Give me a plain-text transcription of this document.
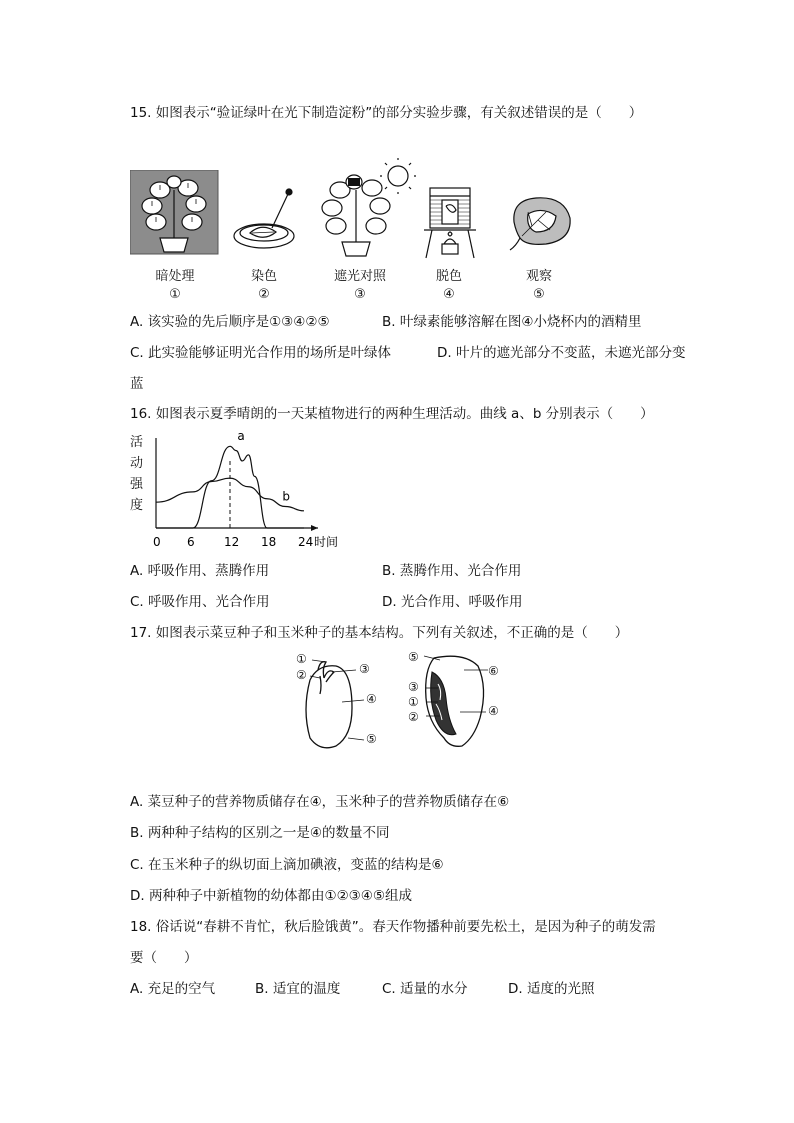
15. 如图表示“验证绿叶在光下制造淀粉”的部分实验步骤，有关叙述错误的是（　　）
暗处理
①
染色
②
遮光对照
③
脱色
④
观察
⑤
A. 该实验的先后顺序是①③④②⑤	B. 叶绿素能够溶解在图④小烧杯内的酒精里
C. 此实验能够证明光合作用的场所是叶绿体	D. 叶片的遮光部分不变蓝，未遮光部分变
蓝
16. 如图表示夏季晴朗的一天某植物进行的两种生理活动。曲线 a、b 分别表示（　　）
活动强度
a
b
0 6 12 18 24 时间
A. 呼吸作用、蒸腾作用	B. 蒸腾作用、光合作用
C. 呼吸作用、光合作用	D. 光合作用、呼吸作用
17. 如图表示菜豆种子和玉米种子的基本结构。下列有关叙述，不正确的是（　　）
①
②	③
④
⑤
⑤
⑥
③
①
②	④
A. 菜豆种子的营养物质储存在④，玉米种子的营养物质储存在⑥
B. 两种种子结构的区别之一是④的数量不同
C. 在玉米种子的纵切面上滴加碘液，变蓝的结构是⑥
D. 两种种子中新植物的幼体都由①②③④⑤组成
18. 俗话说“春耕不肯忙，秋后脸饿黄”。春天作物播种前要先松土，是因为种子的萌发需
要（　　）
A. 充足的空气	B. 适宜的温度	C. 适量的水分	D. 适度的光照
